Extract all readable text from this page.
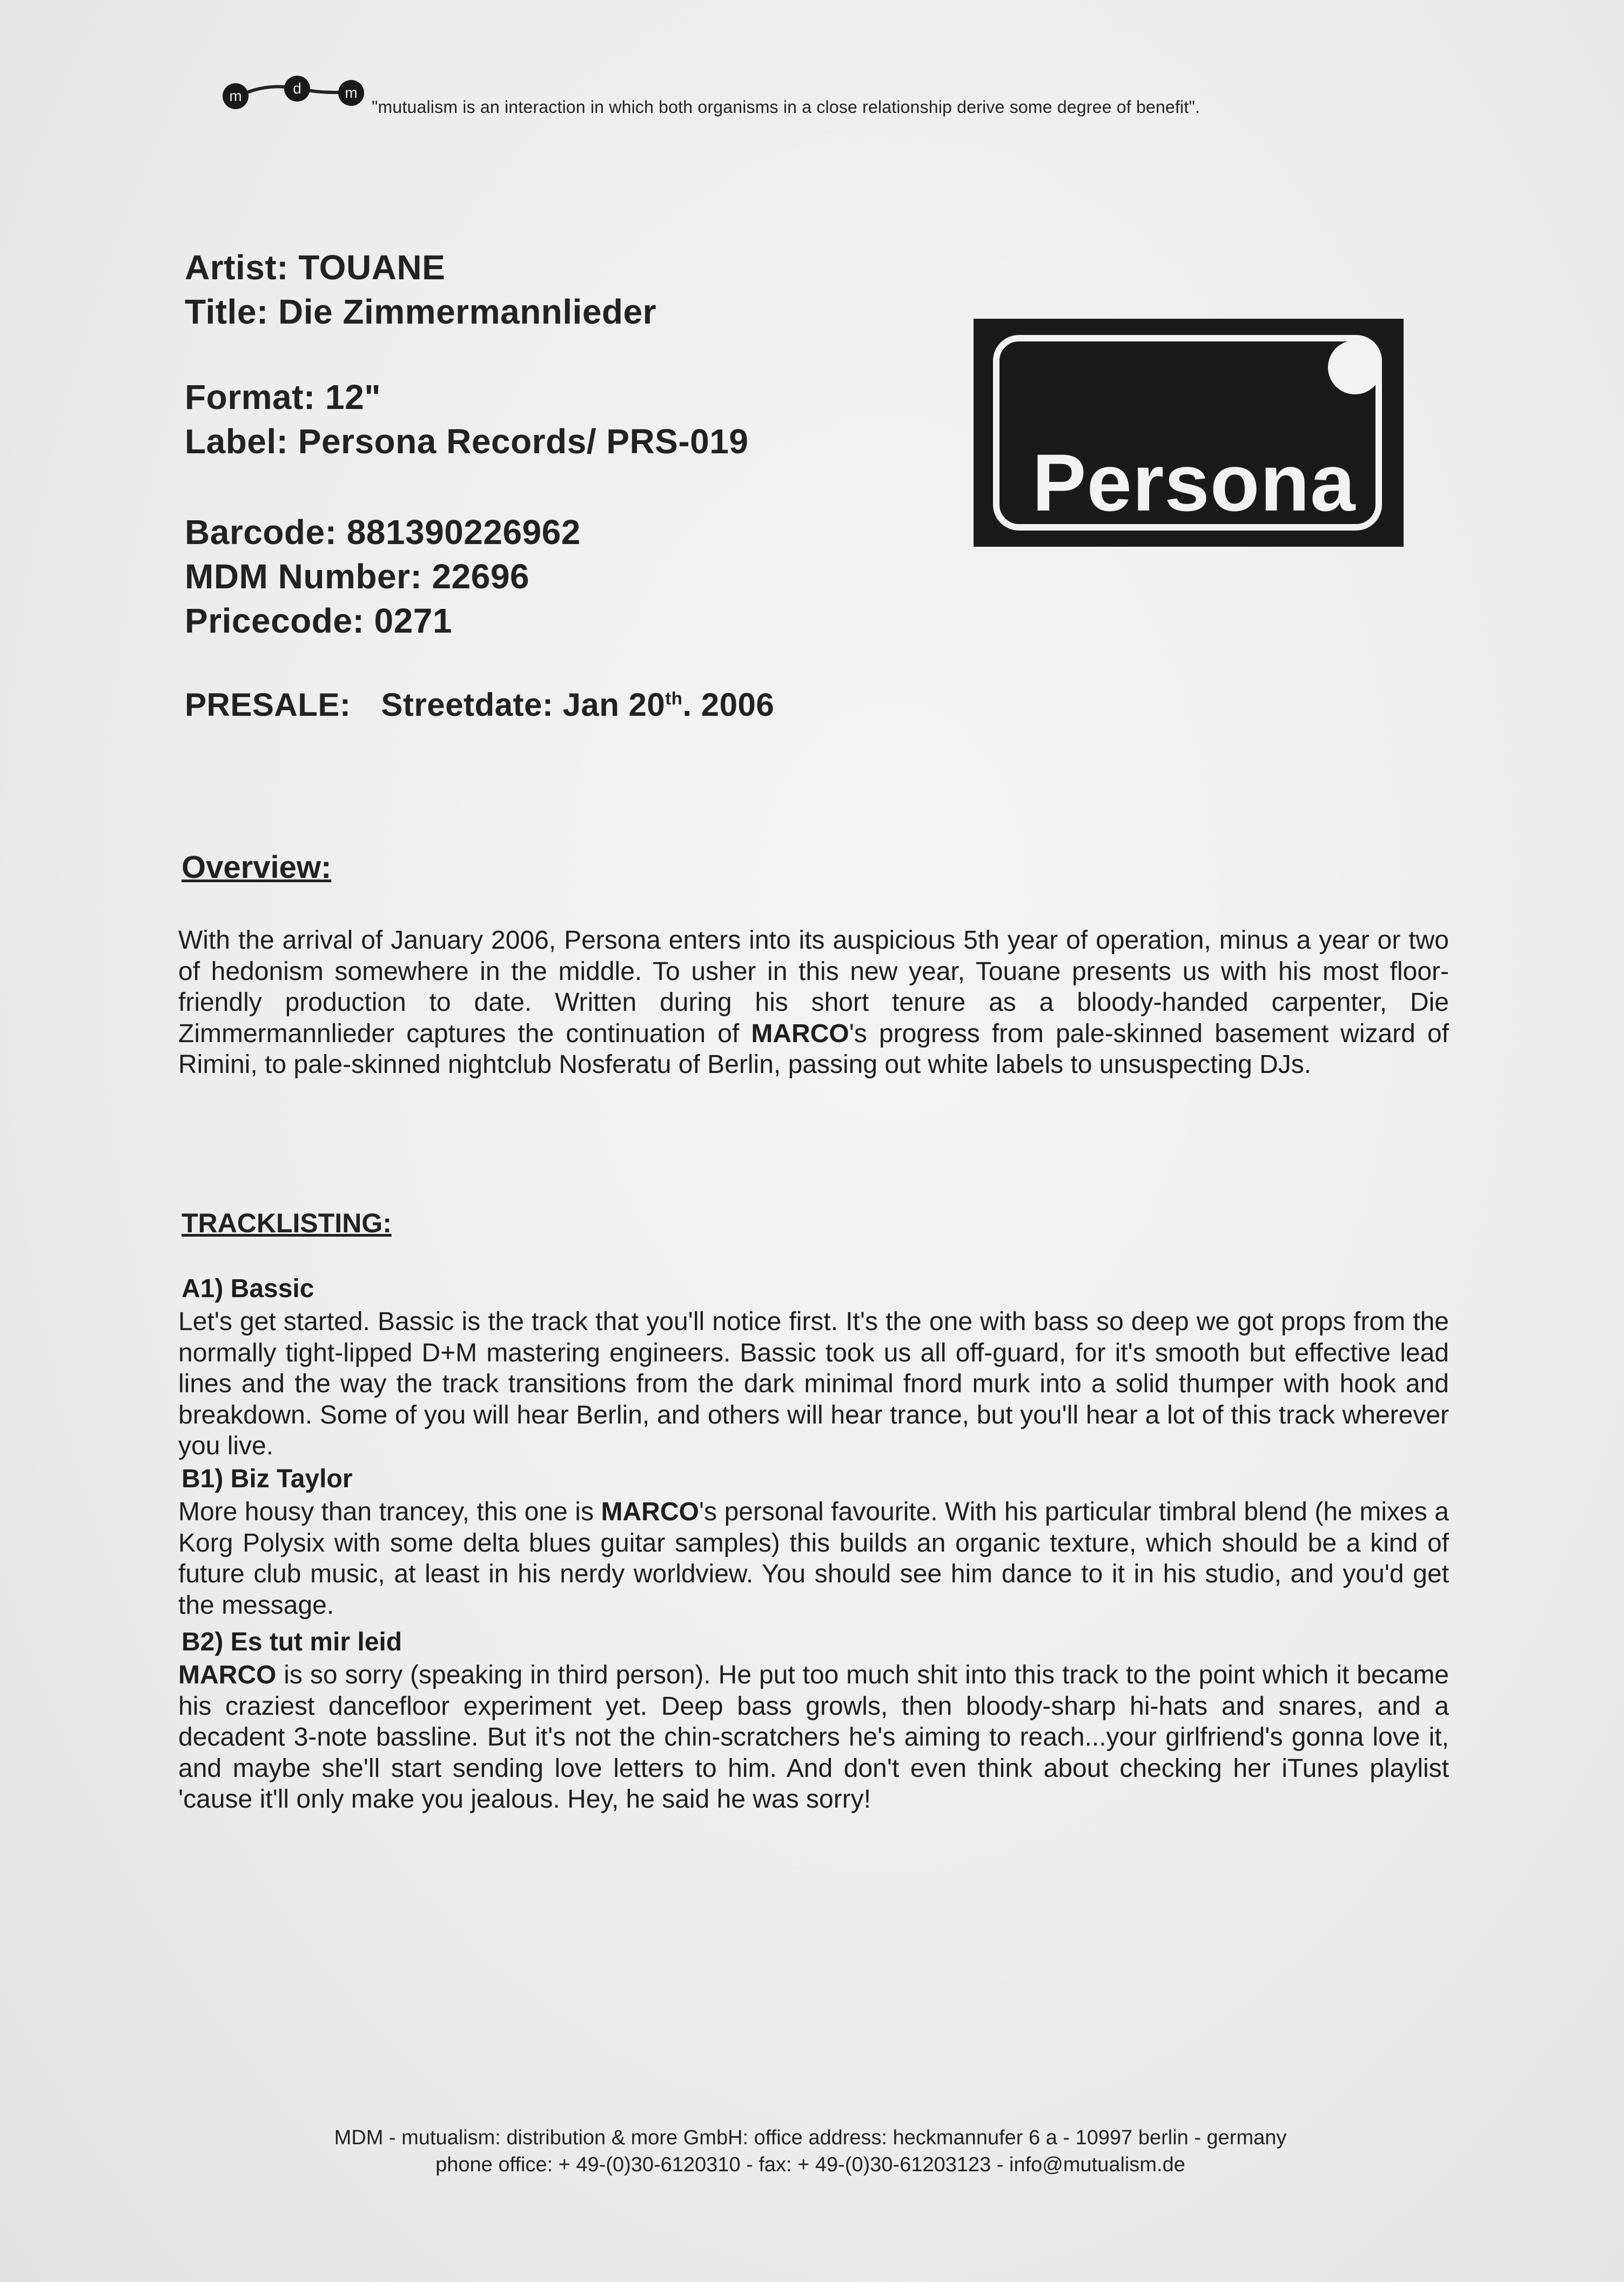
m	d	m
"mutualism is an interaction in which both organisms in a close relationship derive some degree of benefit".
Artist: TOUANE
Title: Die Zimmermannlieder
Format: 12"
Label: Persona Records/ PRS-019
Barcode: 881390226962
MDM Number: 22696
Pricecode: 0271
PRESALE: Streetdate: Jan 20th. 2006
Persona
Overview:
With the arrival of January 2006, Persona enters into its auspicious 5th year of operation, minus a year or two of hedonism somewhere in the middle. To usher in this new year, Touane presents us with his most floor-friendly production to date. Written during his short tenure as a bloody-handed carpenter, Die Zimmermannlieder captures the continuation of MARCO's progress from pale-skinned basement wizard of Rimini, to pale-skinned nightclub Nosferatu of Berlin, passing out white labels to unsuspecting DJs.
TRACKLISTING:
A1) Bassic
Let's get started. Bassic is the track that you'll notice first. It's the one with bass so deep we got props from the normally tight-lipped D+M mastering engineers. Bassic took us all off-guard, for it's smooth but effective lead lines and the way the track transitions from the dark minimal fnord murk into a solid thumper with hook and breakdown. Some of you will hear Berlin, and others will hear trance, but you'll hear a lot of this track wherever you live.
B1) Biz Taylor
More housy than trancey, this one is MARCO's personal favourite. With his particular timbral blend (he mixes a Korg Polysix with some delta blues guitar samples) this builds an organic texture, which should be a kind of future club music, at least in his nerdy worldview. You should see him dance to it in his studio, and you'd get the message.
B2) Es tut mir leid
MARCO is so sorry (speaking in third person). He put too much shit into this track to the point which it became his craziest dancefloor experiment yet. Deep bass growls, then bloody-sharp hi-hats and snares, and a decadent 3-note bassline. But it's not the chin-scratchers he's aiming to reach...your girlfriend's gonna love it, and maybe she'll start sending love letters to him. And don't even think about checking her iTunes playlist 'cause it'll only make you jealous. Hey, he said he was sorry!
MDM - mutualism: distribution & more GmbH: office address: heckmannufer 6 a - 10997 berlin - germany
phone office: + 49-(0)30-6120310 - fax: + 49-(0)30-61203123 - info@mutualism.de
